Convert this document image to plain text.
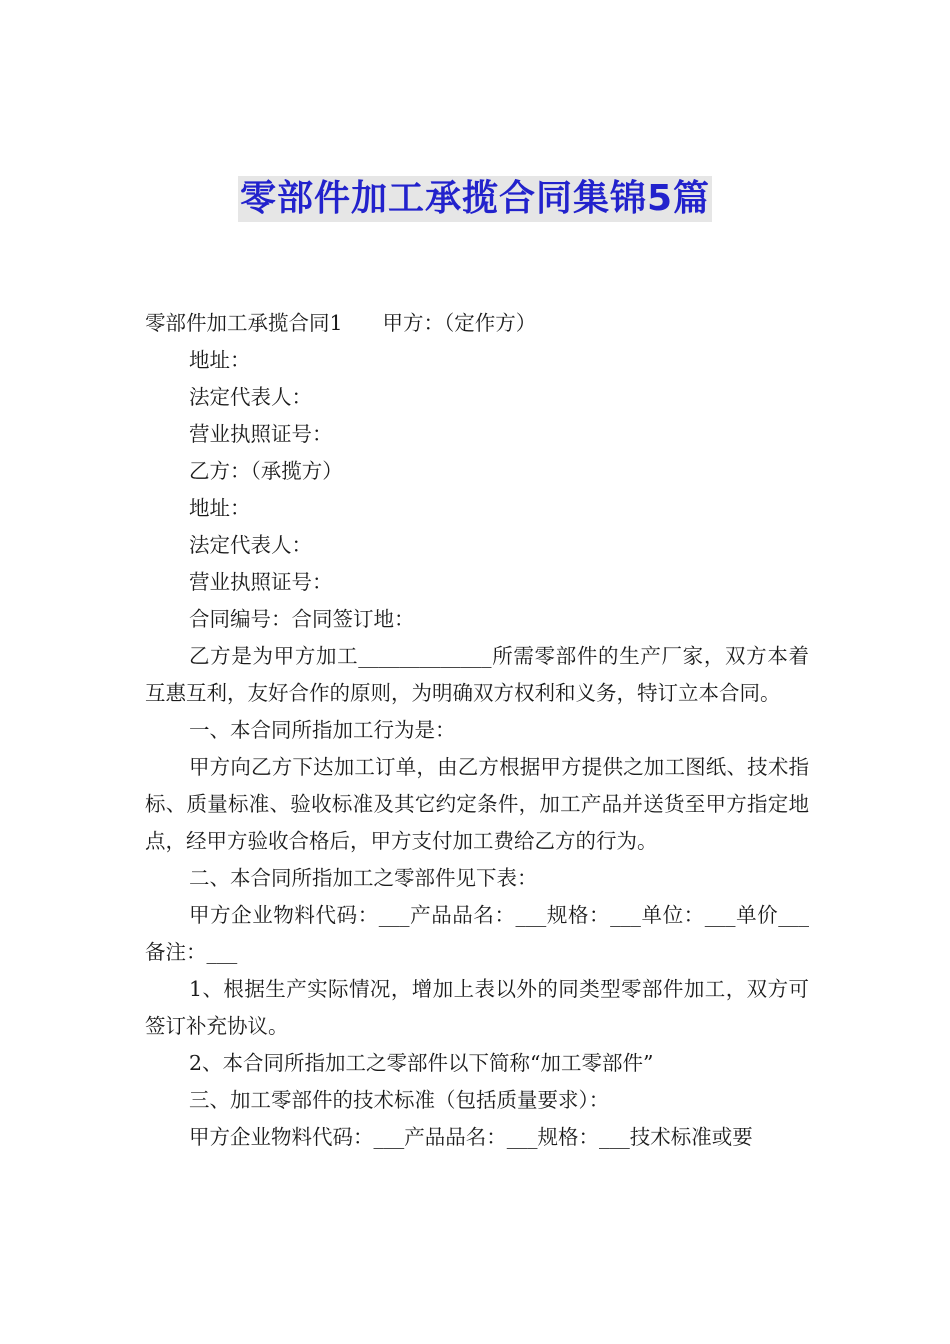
零部件加工承揽合同集锦5篇

零部件加工承揽合同1 甲方：（定作方）

地址：

法定代表人：

营业执照证号：

乙方：（承揽方）

地址：

法定代表人：

营业执照证号：

合同编号：合同签订地：

乙方是为甲方加工_____________所需零部件的生产厂家，双方本着互惠互利，友好合作的原则，为明确双方权利和义务，特订立本合同。

一、本合同所指加工行为是：

甲方向乙方下达加工订单，由乙方根据甲方提供之加工图纸、技术指标、质量标准、验收标准及其它约定条件，加工产品并送货至甲方指定地点，经甲方验收合格后，甲方支付加工费给乙方的行为。

二、本合同所指加工之零部件见下表：

甲方企业物料代码：___产品品名：___规格：___单位：___单价___备注：___

1、根据生产实际情况，增加上表以外的同类型零部件加工，双方可签订补充协议。

2、本合同所指加工之零部件以下简称“加工零部件”

三、加工零部件的技术标准（包括质量要求）：

甲方企业物料代码：___产品品名：___规格：___技术标准或要
